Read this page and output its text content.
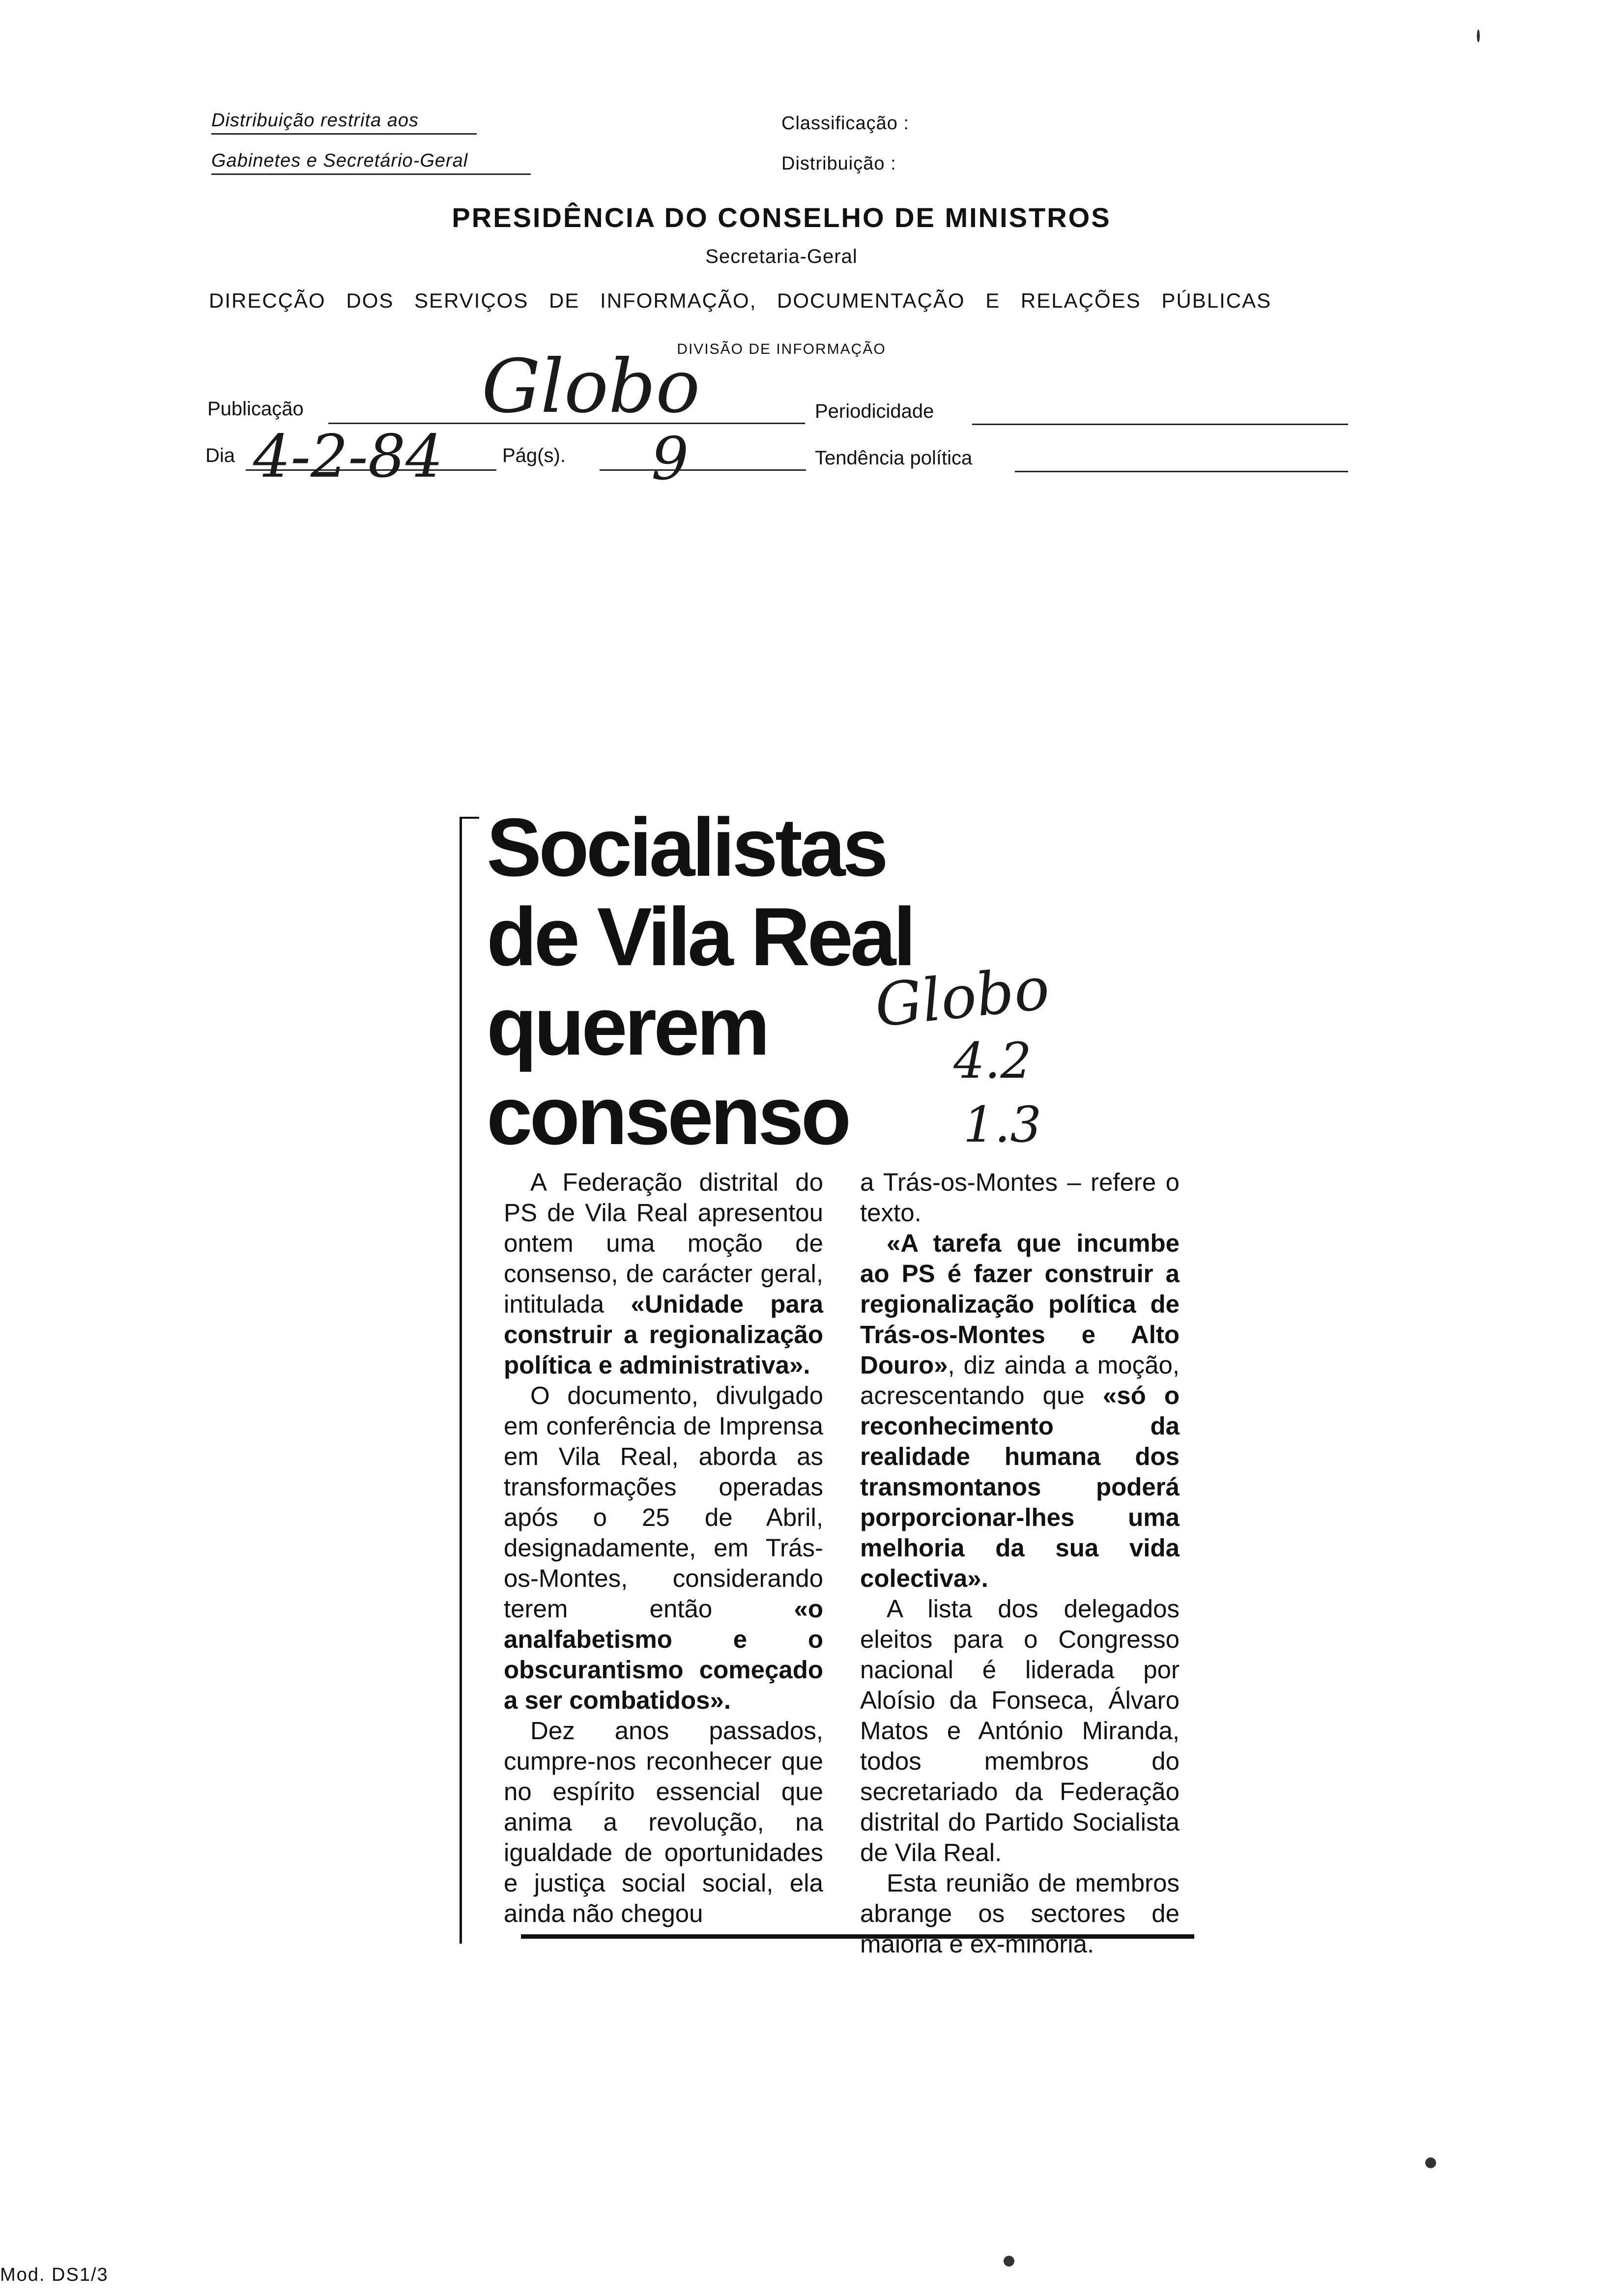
Distribuição restrita aos
Gabinetes e Secretário-Geral
Classificação :
Distribuição :
PRESIDÊNCIA DO CONSELHO DE MINISTROS
Secretaria-Geral
DIRECÇÃO DOS SERVIÇOS DE INFORMAÇÃO, DOCUMENTAÇÃO E RELAÇÕES PÚBLICAS
DIVISÃO DE INFORMAÇÃO
Publicação Globo	Periodicidade
Dia 4-2-84	Pág(s). 9	Tendência política
Socialistas
de Vila Real
querem
consenso
Globo
4.2
1.3

A Federação distrital do PS de Vila Real apresentou ontem uma moção de consenso, de carácter geral, intitulada «Unidade para construir a regionalização política e administrativa».

O documento, divulgado em conferência de Imprensa em Vila Real, aborda as transformações operadas após o 25 de Abril, designadamente, em Trás-os-Montes, considerando terem então «o analfabetismo e o obscurantismo começado a ser combatidos».

Dez anos passados, cumpre-nos reconhecer que no espírito essencial que anima a revolução, na igualdade de oportunidades e justiça social social, ela ainda não chegou

a Trás-os-Montes – refere o texto.

«A tarefa que incumbe ao PS é fazer construir a regionalização política de Trás-os-Montes e Alto Douro», diz ainda a moção, acrescentando que «só o reconhecimento da realidade humana dos transmontanos poderá porporcionar-lhes uma melhoria da sua vida colectiva».

A lista dos delegados eleitos para o Congresso nacional é liderada por Aloísio da Fonseca, Álvaro Matos e António Miranda, todos membros do secretariado da Federação distrital do Partido Socialista de Vila Real.

Esta reunião de membros abrange os sectores de maioria e ex-minoria.

Mod. DS1/3
